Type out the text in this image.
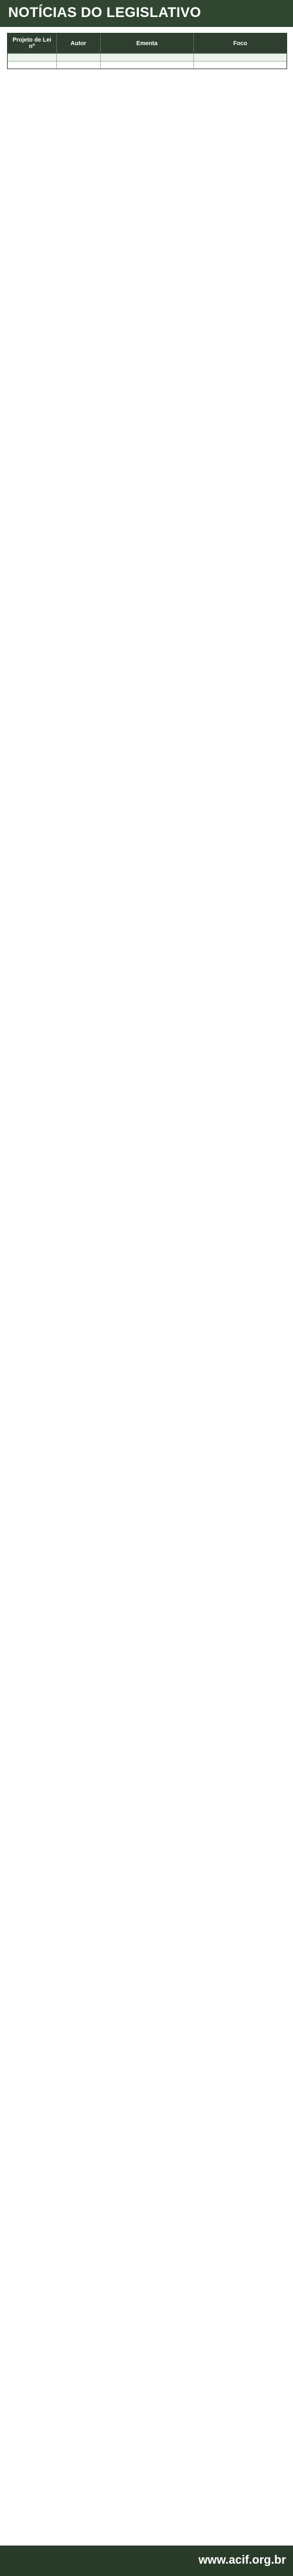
NOTÍCIAS DO LEGISLATIVO
Projeto de Lei nº	Autor	Ementa	Foco

www.acif.org.br
